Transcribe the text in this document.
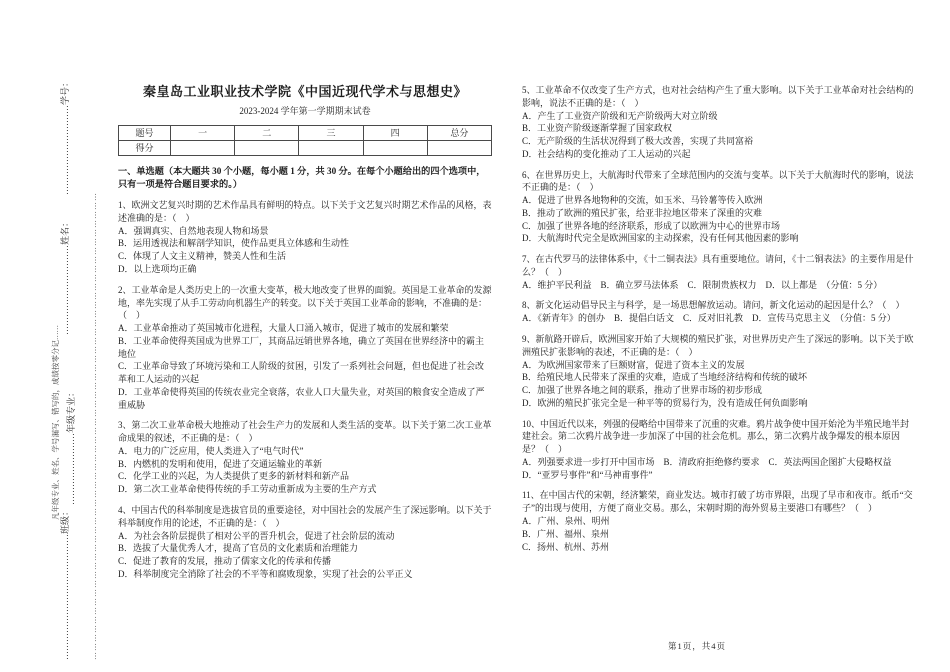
…………………………………………………………………………………………………………………………………………
…………………………学号：
…………………………姓名：
……………………年级专业：
凡年级专业、姓名、学号漏写、错写的，成绩按零分记……
……………………………………班级：
秦皇岛工业职业技术学院《中国近现代学术与思想史》
2023-2024 学年第一学期期末试卷
题号	一	二	三	四	总分
得分					
一、单选题（本大题共 30 个小题，每小题 1 分，共 30 分。在每个小题给出的四个选项中，只有一项是符合题目要求的。）
1、欧洲文艺复兴时期的艺术作品具有鲜明的特点。以下关于文艺复兴时期艺术作品的风格，表述准确的是：（　）
A．强调真实、自然地表现人物和场景
B．运用透视法和解剖学知识，使作品更具立体感和生动性
C．体现了人文主义精神，赞美人性和生活
D．以上选项均正确
2、工业革命是人类历史上的一次重大变革，极大地改变了世界的面貌。英国是工业革命的发源地，率先实现了从手工劳动向机器生产的转变。以下关于英国工业革命的影响，不准确的是：（　）
A．工业革命推动了英国城市化进程，大量人口涌入城市，促进了城市的发展和繁荣
B．工业革命使得英国成为世界工厂，其商品远销世界各地，确立了英国在世界经济中的霸主地位
C．工业革命导致了环境污染和工人阶级的贫困，引发了一系列社会问题，但也促进了社会改革和工人运动的兴起
D．工业革命使得英国的传统农业完全衰落，农业人口大量失业，对英国的粮食安全造成了严重威胁
3、第二次工业革命极大地推动了社会生产力的发展和人类生活的变革。以下关于第二次工业革命成果的叙述，不正确的是：（　）
A．电力的广泛应用，使人类进入了“电气时代”
B．内燃机的发明和使用，促进了交通运输业的革新
C．化学工业的兴起，为人类提供了更多的新材料和新产品
D．第二次工业革命使得传统的手工劳动重新成为主要的生产方式
4、中国古代的科举制度是选拔官员的重要途径，对中国社会的发展产生了深远影响。以下关于科举制度作用的论述，不正确的是：（　）
A．为社会各阶层提供了相对公平的晋升机会，促进了社会阶层的流动
B．选拔了大量优秀人才，提高了官员的文化素质和治理能力
C．促进了教育的发展，推动了儒家文化的传承和传播
D．科举制度完全消除了社会的不平等和腐败现象，实现了社会的公平正义
5、工业革命不仅改变了生产方式，也对社会结构产生了重大影响。以下关于工业革命对社会结构的影响，说法不正确的是：（　）
A．产生了工业资产阶级和无产阶级两大对立阶级
B．工业资产阶级逐渐掌握了国家政权
C．无产阶级的生活状况得到了极大改善，实现了共同富裕
D．社会结构的变化推动了工人运动的兴起
6、在世界历史上，大航海时代带来了全球范围内的交流与变革。以下关于大航海时代的影响，说法不正确的是：（　）
A．促进了世界各地物种的交流，如玉米、马铃薯等传入欧洲
B．推动了欧洲的殖民扩张，给亚非拉地区带来了深重的灾难
C．加强了世界各地的经济联系，形成了以欧洲为中心的世界市场
D．大航海时代完全是欧洲国家的主动探索，没有任何其他因素的影响
7、在古代罗马的法律体系中，《十二铜表法》具有重要地位。请问，《十二铜表法》的主要作用是什么？（　）
A．维护平民利益　B．确立罗马法体系　C．限制贵族权力　D．以上都是　（分值：5 分）
8、新文化运动倡导民主与科学，是一场思想解放运动。请问，新文化运动的起因是什么？（　）
A．《新青年》的创办　B．提倡白话文　C．反对旧礼教　D．宣传马克思主义　（分值：5 分）
9、新航路开辟后，欧洲国家开始了大规模的殖民扩张，对世界历史产生了深远的影响。以下关于欧洲殖民扩张影响的表述，不正确的是：（　）
A．为欧洲国家带来了巨额财富，促进了资本主义的发展
B．给殖民地人民带来了深重的灾难，造成了当地经济结构和传统的破坏
C．加强了世界各地之间的联系，推动了世界市场的初步形成
D．欧洲的殖民扩张完全是一种平等的贸易行为，没有造成任何负面影响
10、中国近代以来，列强的侵略给中国带来了沉重的灾难。鸦片战争使中国开始沦为半殖民地半封建社会。第二次鸦片战争进一步加深了中国的社会危机。那么，第二次鸦片战争爆发的根本原因是？（　）
A．列强要求进一步打开中国市场　B．清政府拒绝修约要求　C．英法两国企图扩大侵略权益
D．“亚罗号事件”和“马神甫事件”
11、在中国古代的宋朝，经济繁荣，商业发达。城市打破了坊市界限，出现了早市和夜市。纸币“交子”的出现与使用，方便了商业交易。那么，宋朝时期的海外贸易主要港口有哪些？（　）
A．广州、泉州、明州
B．广州、福州、泉州
C．扬州、杭州、苏州
第1页，共4页
